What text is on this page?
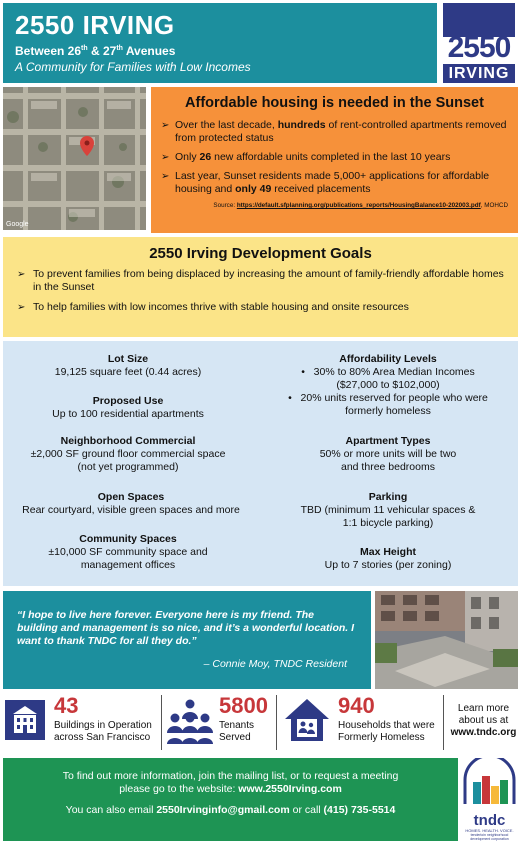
2550 IRVING
Between 26th & 27th Avenues
A Community for Families with Low Incomes
2550
IRVING
Google
Affordable housing is needed in the Sunset
➢ Over the last decade, hundreds of rent-controlled apartments removed from protected status
➢ Only 26 new affordable units completed in the last 10 years
➢ Last year, Sunset residents made 5,000+ applications for affordable housing and only 49 received placements
Source: https://default.sfplanning.org/publications_reports/HousingBalance10-202003.pdf, MOHCD
2550 Irving Development Goals
➢ To prevent families from being displaced by increasing the amount of family-friendly affordable homes in the Sunset
➢ To help families with low incomes thrive with stable housing and onsite resources
Lot Size
19,125 square feet (0.44 acres)
Proposed Use
Up to 100 residential apartments
Neighborhood Commercial
±2,000 SF ground floor commercial space
(not yet programmed)
Open Spaces
Rear courtyard, visible green spaces and more
Community Spaces
±10,000 SF community space and
management offices
Affordability Levels
•   30% to 80% Area Median Incomes
($27,000 to $102,000)
•   20% units reserved for people who were
formerly homeless
Apartment Types
50% or more units will be two
and three bedrooms
Parking
TBD (minimum 11 vehicular spaces &
1:1 bicycle parking)
Max Height
Up to 7 stories (per zoning)
“I hope to live here forever. Everyone here is my friend. The building and management is so nice, and it’s a wonderful location. I want to thank TNDC for all they do.”
– Connie Moy, TNDC Resident
43
Buildings in Operation
across San Francisco
5800
Tenants
Served
940
Households that were
Formerly Homeless
Learn more
about us at
www.tndc.org
To find out more information, join the mailing list, or to request a meeting
please go to the website: www.2550Irving.com
You can also email 2550Irvinginfo@gmail.com or call (415) 735-5514
tndc
HOMES. HEALTH. VOICE.
tenderloin neighborhood development corporation
